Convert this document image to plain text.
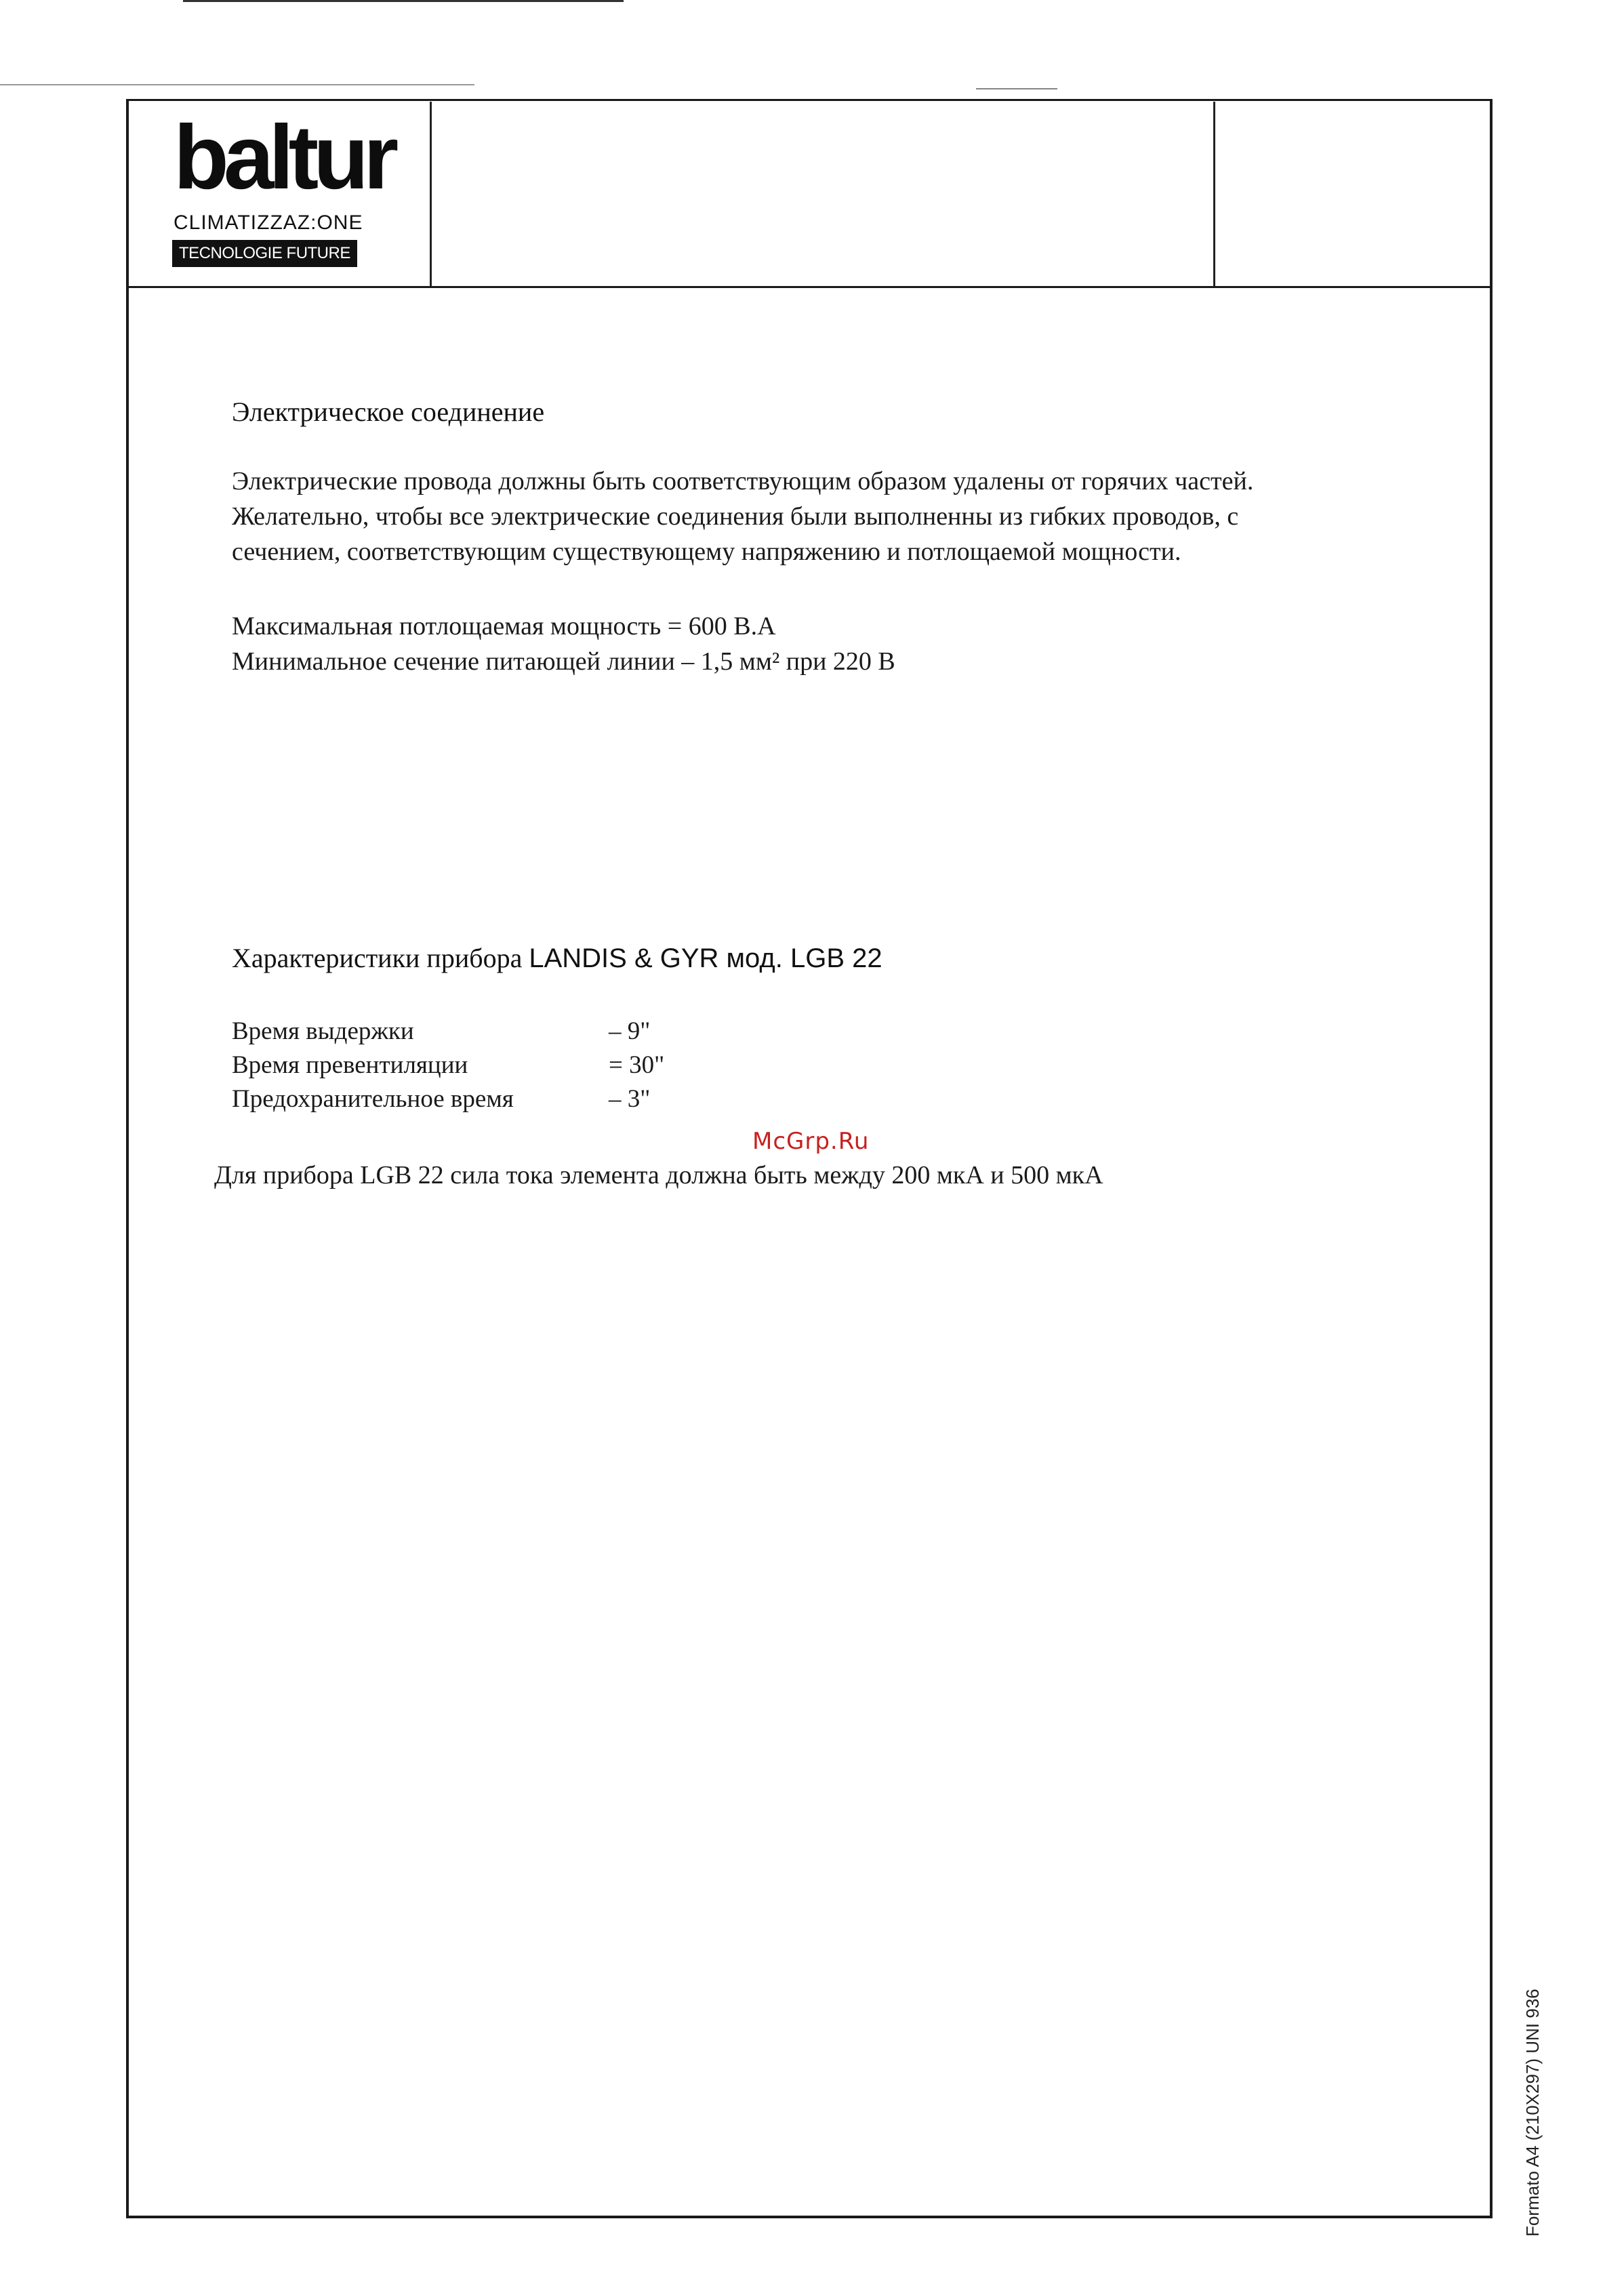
baltur
CLIMATIZZAZ:ONE
TECNOLOGIE FUTURE
Электрическое соединение
Электрические провода должны быть соответствующим образом удалены от горячих частей.
Желательно, чтобы все электрические соединения были выполненны из гибких проводов, с
сечением, соответствующим существующему напряжению и потлощаемой мощности.
Максимальная потлощаемая мощность = 600 В.А
Минимальное сечение питающей линии – 1,5 мм² при 220 В
Характеристики прибора LANDIS & GYR мод. LGB 22
Время выдержки	– 9"
Время превентиляции	= 30"
Предохранительное время	– 3"
McGrp.Ru
Для прибора LGB 22 сила тока элемента должна быть между 200 мкА и 500 мкА
Formato A4 (210X297) UNI 936
